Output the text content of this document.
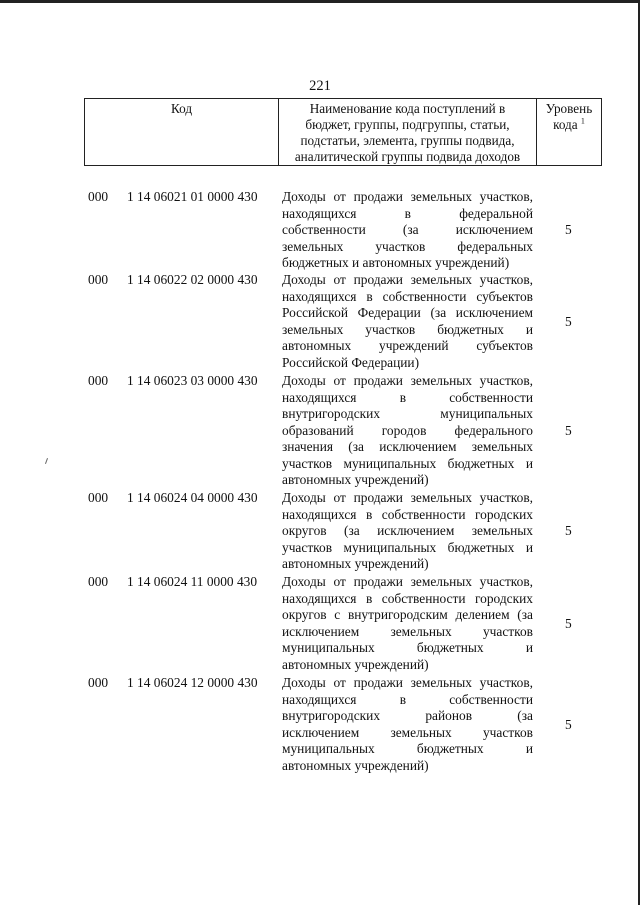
221
Код	Наименование кода поступлений в
бюджет, группы, подгруппы, статьи,
подстатьи, элемента, группы подвида,
аналитической группы подвида доходов
Уровень
кода $^1$
000 1 14 06021 01 0000 430 Доходы от продажи земельных участков,
находящихся в федеральной
собственности (за исключением
земельных участков федеральных
бюджетных и автономных учреждений)
5
000 1 14 06022 02 0000 430 Доходы от продажи земельных участков,
находящихся в собственности субъектов
Российской Федерации (за исключением
земельных участков бюджетных и
автономных учреждений субъектов
Российской Федерации)
5
000 1 14 06023 03 0000 430 Доходы от продажи земельных участков,
находящихся в собственности
внутригородских муниципальных
образований городов федерального
значения (за исключением земельных
участков муниципальных бюджетных и
автономных учреждений)
5
000 1 14 06024 04 0000 430 Доходы от продажи земельных участков,
находящихся в собственности городских
округов (за исключением земельных
участков муниципальных бюджетных и
автономных учреждений)
5
000 1 14 06024 11 0000 430 Доходы от продажи земельных участков,
находящихся в собственности городских
округов с внутригородским делением (за
исключением земельных участков
муниципальных бюджетных и
автономных учреждений)
5
000 1 14 06024 12 0000 430 Доходы от продажи земельных участков,
находящихся в собственности
внутригородских районов (за
исключением земельных участков
муниципальных бюджетных и
автономных учреждений)
5
